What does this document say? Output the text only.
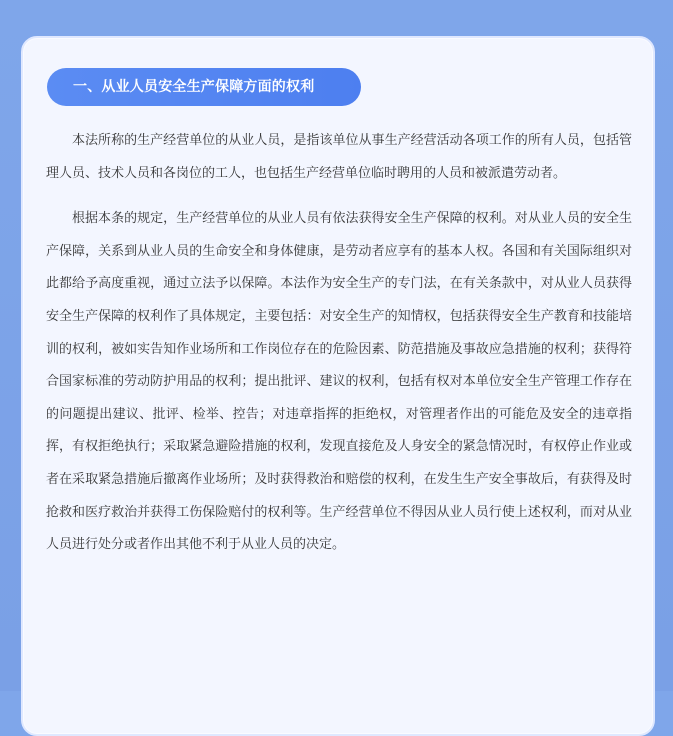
一、从业人员安全生产保障方面的权利

本法所称的生产经营单位的从业人员，是指该单位从事生产经营活动各项工作的所有人员，包括管理人员、技术人员和各岗位的工人，也包括生产经营单位临时聘用的人员和被派遣劳动者。

根据本条的规定，生产经营单位的从业人员有依法获得安全生产保障的权利。对从业人员的安全生产保障，关系到从业人员的生命安全和身体健康，是劳动者应享有的基本人权。各国和有关国际组织对此都给予高度重视，通过立法予以保障。本法作为安全生产的专门法，在有关条款中，对从业人员获得安全生产保障的权利作了具体规定，主要包括：对安全生产的知情权，包括获得安全生产教育和技能培训的权利，被如实告知作业场所和工作岗位存在的危险因素、防范措施及事故应急措施的权利；获得符合国家标准的劳动防护用品的权利；提出批评、建议的权利，包括有权对本单位安全生产管理工作存在的问题提出建议、批评、检举、控告；对违章指挥的拒绝权，对管理者作出的可能危及安全的违章指挥，有权拒绝执行；采取紧急避险措施的权利，发现直接危及人身安全的紧急情况时，有权停止作业或者在采取紧急措施后撤离作业场所；及时获得救治和赔偿的权利，在发生生产安全事故后，有获得及时抢救和医疗救治并获得工伤保险赔付的权利等。生产经营单位不得因从业人员行使上述权利，而对从业人员进行处分或者作出其他不利于从业人员的决定。
